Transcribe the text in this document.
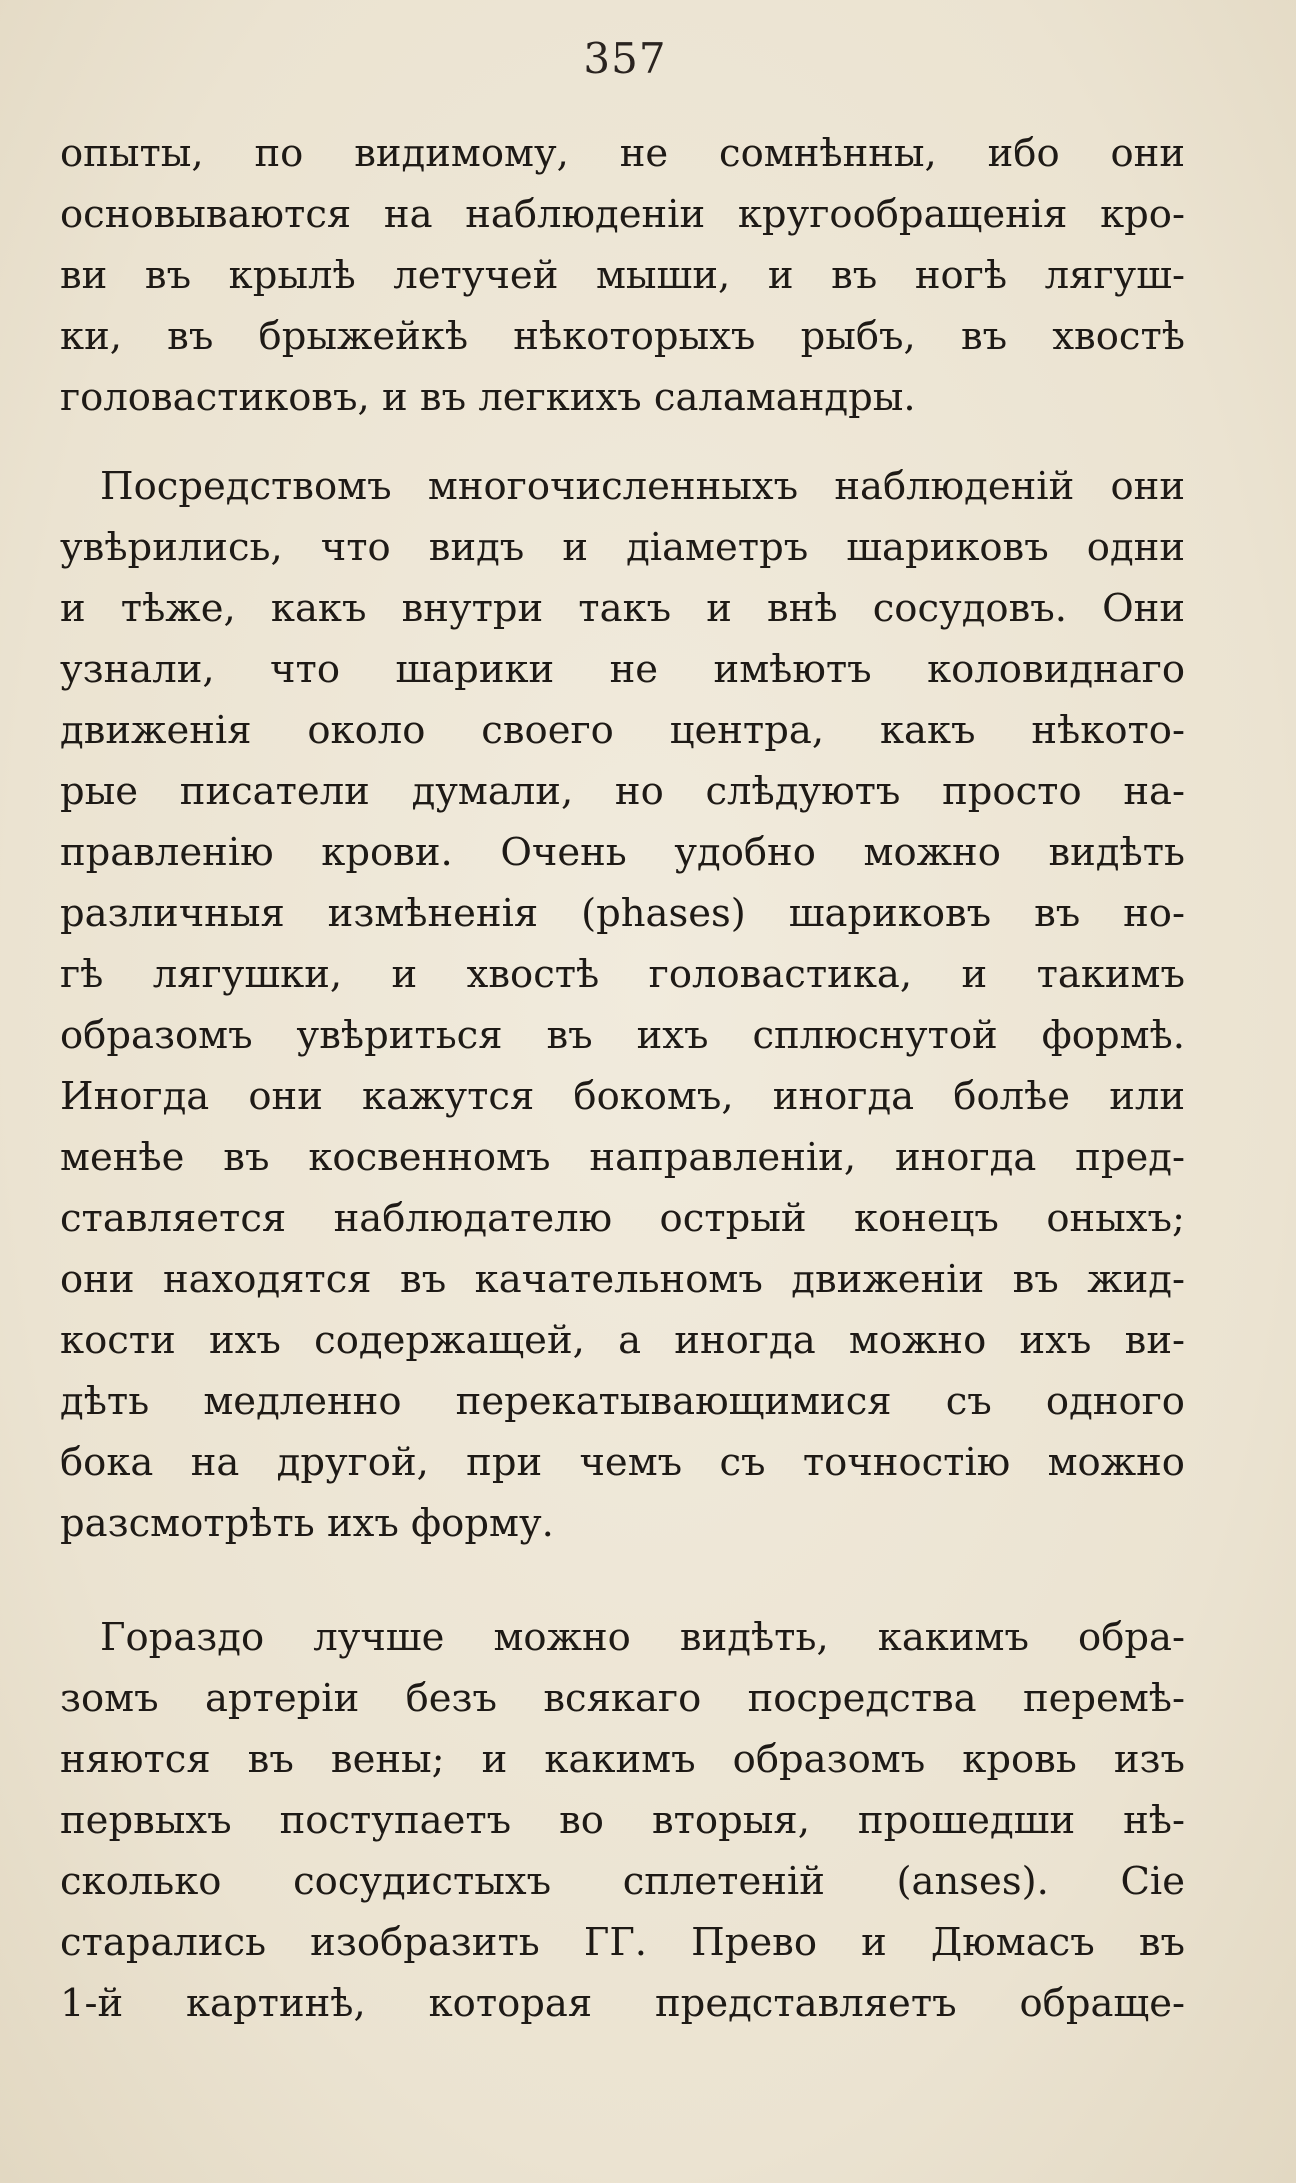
357
опыты, по видимому, не сомнѣнны, ибо они
основываются на наблюденіи кругообращенія кро-
ви въ крылѣ летучей мыши, и въ ногѣ лягуш-
ки, въ брыжейкѣ нѣкоторыхъ рыбъ, въ хвостѣ
головастиковъ, и въ легкихъ саламандры.
Посредствомъ многочисленныхъ наблюденій они
увѣрились, что видъ и діаметръ шариковъ одни
и тѣже, какъ внутри такъ и внѣ сосудовъ. Они
узнали, что шарики не имѣютъ коловиднаго
движенія около своего центра, какъ нѣкото-
рые писатели думали, но слѣдуютъ просто на-
правленію крови. Очень удобно можно видѣть
различныя измѣненія (phases) шариковъ въ но-
гѣ лягушки, и хвостѣ головастика, и такимъ
образомъ увѣриться въ ихъ сплюснутой формѣ.
Иногда они кажутся бокомъ, иногда болѣе или
менѣе въ косвенномъ направленіи, иногда пред-
ставляется наблюдателю острый конецъ оныхъ;
они находятся въ качательномъ движеніи въ жид-
кости ихъ содержащей, а иногда можно ихъ ви-
дѣть медленно перекатывающимися съ одного
бока на другой, при чемъ съ точностію можно
разсмотрѣть ихъ форму.
Гораздо лучше можно видѣть, какимъ обра-
зомъ артеріи безъ всякаго посредства перемѣ-
няются въ вены; и какимъ образомъ кровь изъ
первыхъ поступаетъ во вторыя, прошедши нѣ-
сколько сосудистыхъ сплетеній (anses). Сіе
старались изобразить ГГ. Прево и Дюмасъ въ
1-й картинѣ, которая представляетъ обраще-
